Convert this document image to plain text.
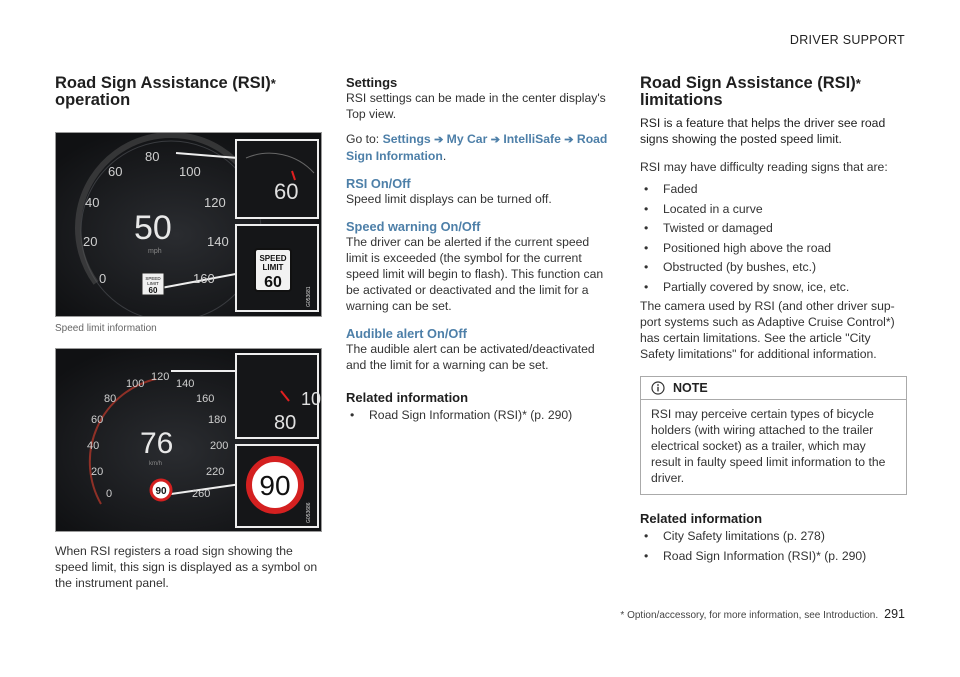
DRIVER SUPPORT
Road Sign Assistance (RSI)*
operation
0
20
40
60
80
100
120
140
160
50
mph
SPEED
LIMIT
60
60
SPEED
LIMIT
60
G053681
Speed limit information
0
20
40
60
80
100
120
140
160
180
200
220
260
76
km/h
90
10
80
90
G053686

When RSI registers a road sign showing the speed limit, this sign is displayed as a symbol on the instrument panel.

Settings

RSI settings can be made in the center display's Top view.

Go to: Settings ➔ My Car ➔ IntelliSafe ➔ Road Sign Information.

RSI On/Off

Speed limit displays can be turned off.

Speed warning On/Off

The driver can be alerted if the current speed limit is exceeded (the symbol for the current speed limit will begin to flash). This function can be activated or deactivated and the limit for a warning can be set.

Audible alert On/Off

The audible alert can be activated/deactivated and the limit for a warning can be set.

Related information
• Road Sign Information (RSI)* (p. 290)
Road Sign Assistance (RSI)*
limitations

RSI is a feature that helps the driver see road signs showing the posted speed limit.

RSI may have difficulty reading signs that are:

• Faded
• Located in a curve
• Twisted or damaged
• Positioned high above the road
• Obstructed (by bushes, etc.)
• Partially covered by snow, ice, etc.

The camera used by RSI (and other driver sup-port systems such as Adaptive Cruise Control*) has certain limitations. See the article "City Safety limitations" for additional information.

NOTE
RSI may perceive certain types of bicycle holders (with wiring attached to the trailer electrical socket) as a trailer, which may result in faulty speed limit information to the driver.
Related information
• City Safety limitations (p. 278)
• Road Sign Information (RSI)* (p. 290)
* Option/accessory, for more information, see Introduction. 291
